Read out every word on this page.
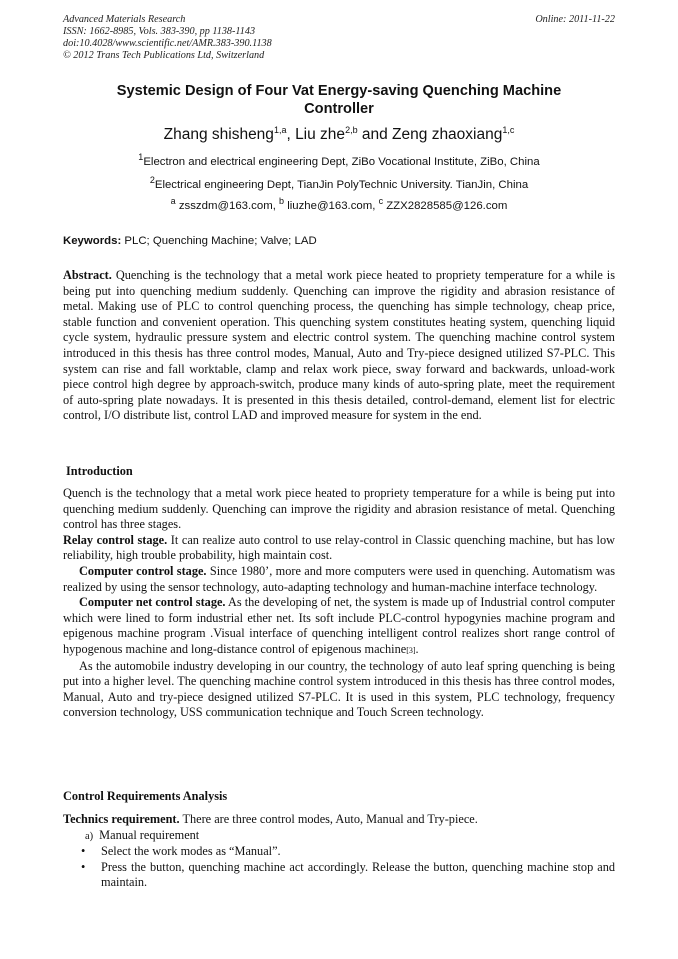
Advanced Materials Research
ISSN: 1662-8985, Vols. 383-390, pp 1138-1143
doi:10.4028/www.scientific.net/AMR.383-390.1138
© 2012 Trans Tech Publications Ltd, Switzerland
Online: 2011-11-22
Systemic Design of Four Vat Energy-saving Quenching Machine
Controller
Zhang shisheng$^{1,a}$, Liu zhe$^{2,b}$ and Zeng zhaoxiang$^{1,c}$
$^1$Electron and electrical engineering Dept, ZiBo Vocational Institute, ZiBo, China
$^2$Electrical engineering Dept, TianJin PolyTechnic University. TianJin, China
$^a$ zsszdm@163.com, $^b$ liuzhe@163.com, $^c$ ZZX2828585@126.com
Keywords: PLC; Quenching Machine; Valve; LAD

Abstract. Quenching is the technology that a metal work piece heated to propriety temperature for a while is being put into quenching medium suddenly. Quenching can improve the rigidity and abrasion resistance of metal. Making use of PLC to control quenching process, the quenching has simple technology, cheap price, stable function and convenient operation. This quenching system constitutes heating system, quenching liquid cycle system, hydraulic pressure system and electric control system. The quenching machine control system introduced in this thesis has three control modes, Manual, Auto and Try-piece designed utilized S7-PLC. This system can rise and fall worktable, clamp and relax work piece, sway forward and backwards, unload-work piece control high degree by approach-switch, produce many kinds of auto-spring plate, meet the requirement of auto-spring plate nowadays. It is presented in this thesis detailed, control-demand, element list for electric control, I/O distribute list, control LAD and improved measure for system in the end.

Introduction

Quench is the technology that a metal work piece heated to propriety temperature for a while is being put into quenching medium suddenly. Quenching can improve the rigidity and abrasion resistance of metal. Quenching control has three stages.

Relay control stage. It can realize auto control to use relay-control in Classic quenching machine, but has low reliability, high trouble probability, high maintain cost.

Computer control stage. Since 1980’, more and more computers were used in quenching. Automatism was realized by using the sensor technology, auto-adapting technology and human-machine interface technology.

Computer net control stage. As the developing of net, the system is made up of Industrial control computer which were lined to form industrial ether net. Its soft include PLC-control hypogynies machine program and epigenous machine program .Visual interface of quenching intelligent control realizes short range control of hypogenous machine and long-distance control of epigenous machine[3].

As the automobile industry developing in our country, the technology of auto leaf spring quenching is being put into a higher level. The quenching machine control system introduced in this thesis has three control modes, Manual, Auto and try-piece designed utilized S7-PLC. It is used in this system, PLC technology, frequency conversion technology, USS communication technique and Touch Screen technology.

Control Requirements Analysis
Technics requirement. There are three control modes, Auto, Manual and Try-piece.
a) Manual requirement
• Select the work modes as “Manual”.
• Press the button, quenching machine act accordingly. Release the button, quenching machine stop and maintain.
